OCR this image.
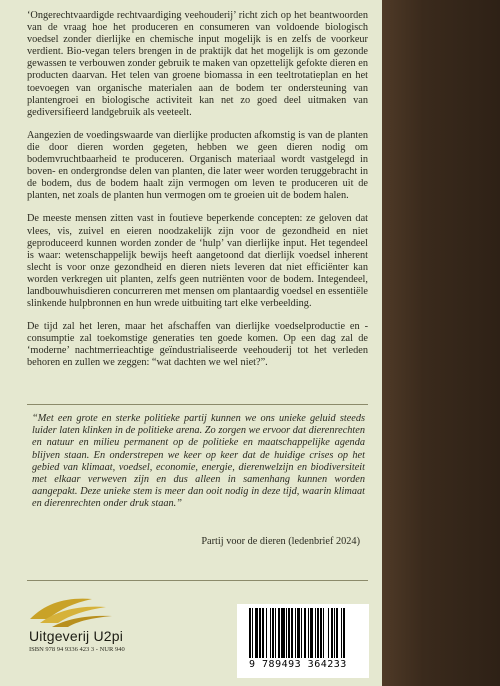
‘Ongerechtvaardigde rechtvaardiging veehouderij’ richt zich op het beantwoorden van de vraag hoe het produceren en consumeren van voldoende biologisch voedsel zonder dierlijke en chemische input mogelijk is en zelfs de voorkeur verdient. Bio-vegan telers brengen in de praktijk dat het mogelijk is om gezonde gewassen te verbouwen zonder gebruik te maken van opzettelijk gefokte dieren en producten daarvan. Het telen van groene biomassa in een teeltrotatieplan en het toevoegen van organische materialen aan de bodem ter ondersteuning van plantengroei en biologische activiteit kan net zo goed deel uitmaken van gediversifieerd landgebruik als veeteelt.

Aangezien de voedingswaarde van dierlijke producten afkomstig is van de planten die door dieren worden gegeten, hebben we geen dieren nodig om bodemvruchtbaarheid te produceren. Organisch materiaal wordt vastgelegd in boven- en ondergrondse delen van planten, die later weer worden teruggebracht in de bodem, dus de bodem haalt zijn vermogen om leven te produceren uit de planten, net zoals de planten hun vermogen om te groeien uit de bodem halen.

De meeste mensen zitten vast in foutieve beperkende concepten: ze geloven dat vlees, vis, zuivel en eieren noodzakelijk zijn voor de gezondheid en niet geproduceerd kunnen worden zonder de ‘hulp’ van dierlijke input. Het tegendeel is waar: wetenschappelijk bewijs heeft aangetoond dat dierlijk voedsel inherent slecht is voor onze gezondheid en dieren niets leveren dat niet efficiënter kan worden verkregen uit planten, zelfs geen nutriënten voor de bodem. Integendeel, landbouwhuisdieren concurreren met mensen om plantaardig voedsel en essentiële slinkende hulpbronnen en hun wrede uitbuiting tart elke verbeelding.

De tijd zal het leren, maar het afschaffen van dierlijke voedselproductie en -consumptie zal toekomstige generaties ten goede komen. Op een dag zal de ‘moderne’ nachtmerrieachtige geïndustrialiseerde veehouderij tot het verleden behoren en zullen we zeggen: “wat dachten we wel niet?”.

“Met een grote en sterke politieke partij kunnen we ons unieke geluid steeds luider laten klinken in de politieke arena. Zo zorgen we ervoor dat dierenrechten en natuur en milieu permanent op de politieke en maatschappelijke agenda blijven staan. En onderstrepen we keer op keer dat de huidige crises op het gebied van klimaat, voedsel, economie, energie, dierenwelzijn en biodiversiteit met elkaar verweven zijn en dus alleen in samenhang kunnen worden aangepakt. Deze unieke stem is meer dan ooit nodig in deze tijd, waarin klimaat en dierenrechten onder druk staan.”
Partij voor de dieren (ledenbrief 2024)
Uitgeverij U2pi
ISBN 978 94 9336 423 3 - NUR 940
9 789493 364233
